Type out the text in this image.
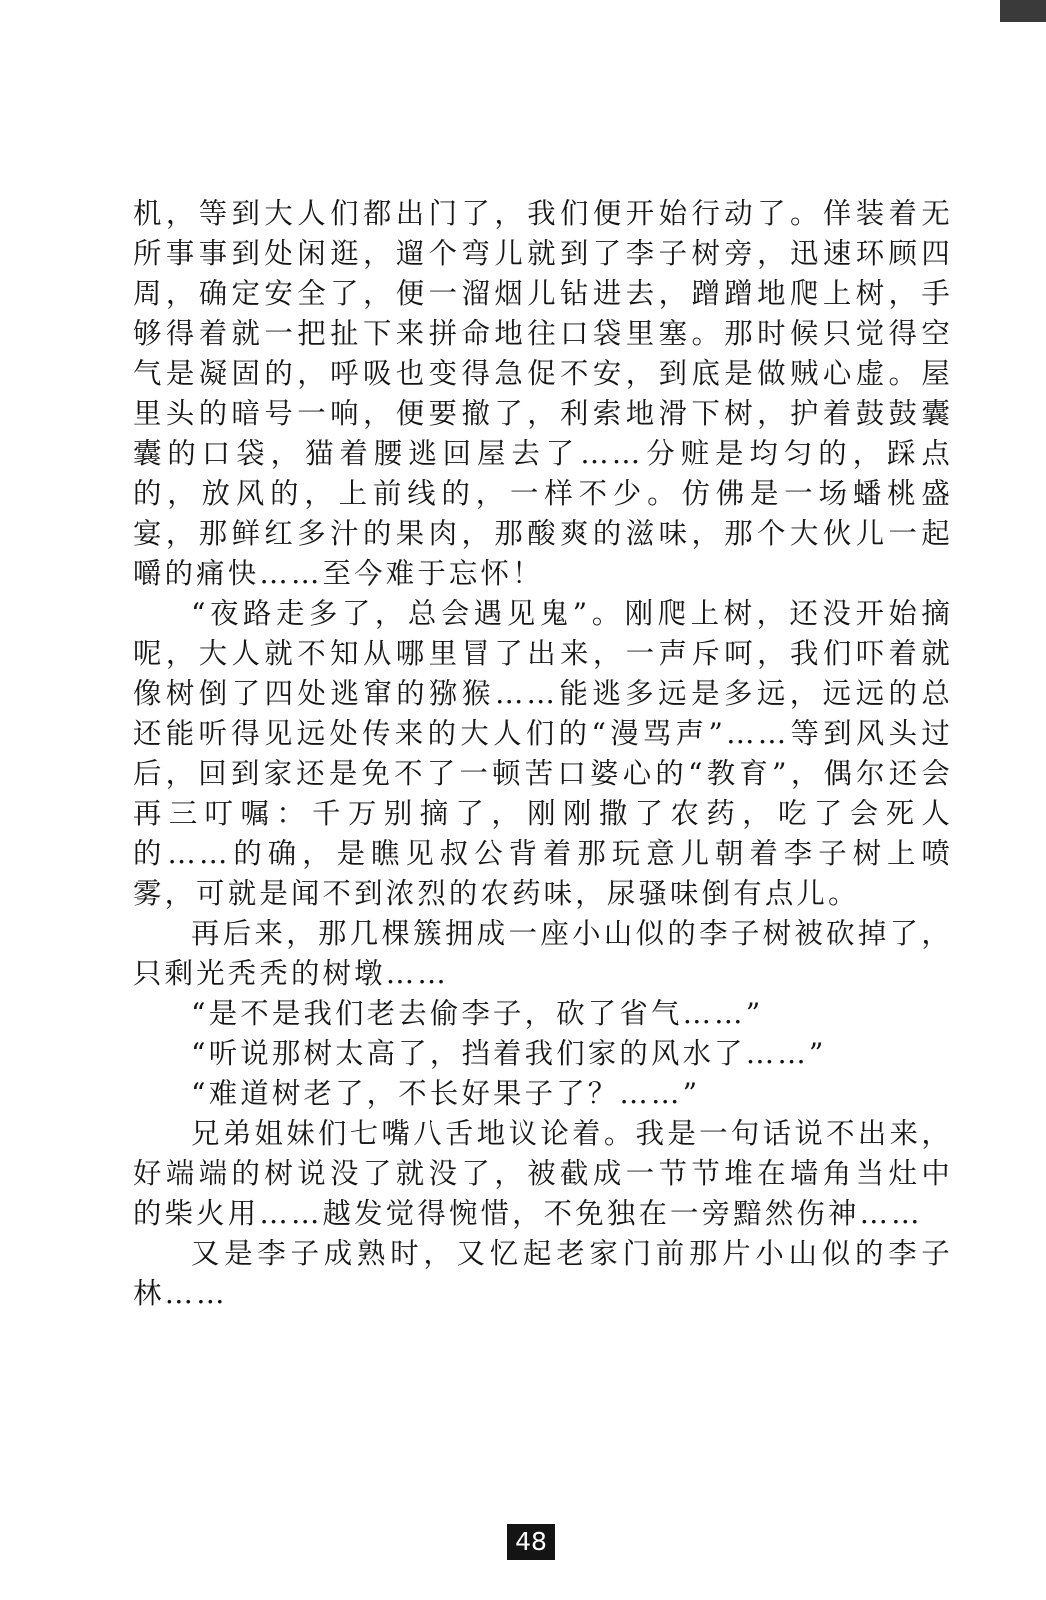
机，等到大人们都出门了，我们便开始行动了。佯装着无所事事到处闲逛，遛个弯儿就到了李子树旁，迅速环顾四周，确定安全了，便一溜烟儿钻进去，蹭蹭地爬上树，手够得着就一把扯下来拼命地往口袋里塞。那时候只觉得空气是凝固的，呼吸也变得急促不安，到底是做贼心虚。屋里头的暗号一响，便要撤了，利索地滑下树，护着鼓鼓囊囊的口袋，猫着腰逃回屋去了……分赃是均匀的，踩点的，放风的，上前线的，一样不少。仿佛是一场蟠桃盛宴，那鲜红多汁的果肉，那酸爽的滋味，那个大伙儿一起嚼的痛快……至今难于忘怀！

“夜路走多了，总会遇见鬼”。刚爬上树，还没开始摘呢，大人就不知从哪里冒了出来，一声斥呵，我们吓着就像树倒了四处逃窜的猕猴……能逃多远是多远，远远的总还能听得见远处传来的大人们的“漫骂声”……等到风头过后，回到家还是免不了一顿苦口婆心的“教育”，偶尔还会再三叮嘱：千万别摘了，刚刚撒了农药，吃了会死人的……的确，是瞧见叔公背着那玩意儿朝着李子树上喷雾，可就是闻不到浓烈的农药味，尿骚味倒有点儿。

再后来，那几棵簇拥成一座小山似的李子树被砍掉了，只剩光秃秃的树墩……

“是不是我们老去偷李子，砍了省气……”

“听说那树太高了，挡着我们家的风水了……”

“难道树老了，不长好果子了？……”

兄弟姐妹们七嘴八舌地议论着。我是一句话说不出来，好端端的树说没了就没了，被截成一节节堆在墙角当灶中的柴火用……越发觉得惋惜，不免独在一旁黯然伤神……

又是李子成熟时，又忆起老家门前那片小山似的李子林……

48
